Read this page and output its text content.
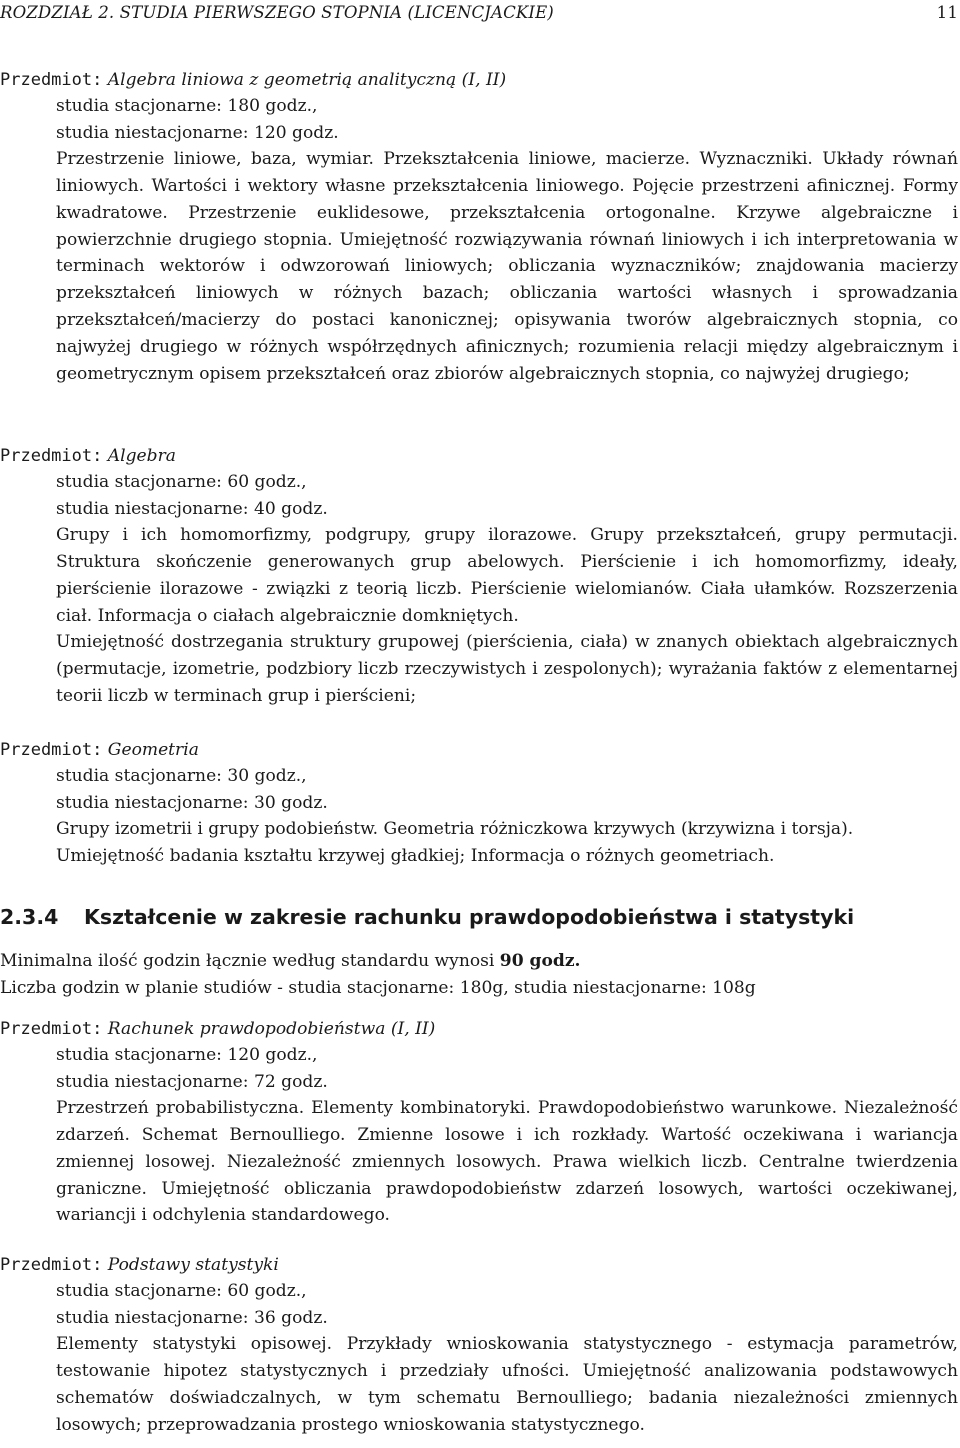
ROZDZIAŁ 2. STUDIA PIERWSZEGO STOPNIA (LICENCJACKIE)	11
Przedmiot: Algebra liniowa z geometrią analityczną (I, II)
studia stacjonarne: 180 godz.,
studia niestacjonarne: 120 godz.
Przestrzenie liniowe, baza, wymiar. Przekształcenia liniowe, macierze. Wyznaczniki. Układy równań liniowych. Wartości i wektory własne przekształcenia liniowego. Pojęcie przestrzeni afinicznej. Formy kwadratowe. Przestrzenie euklidesowe, przekształcenia ortogonalne. Krzywe algebraiczne i powierzchnie drugiego stopnia. Umiejętność rozwiązywania równań liniowych i ich interpretowania w terminach wektorów i odwzorowań liniowych; obliczania wyznaczników; znajdowania macierzy przekształceń liniowych w różnych bazach; obliczania wartości własnych i sprowadzania przekształceń/macierzy do postaci kanonicznej; opisywania tworów algebraicznych stopnia, co najwyżej drugiego w różnych współrzędnych afinicznych; rozumienia relacji między algebraicznym i geometrycznym opisem przekształceń oraz zbiorów algebraicznych stopnia, co najwyżej drugiego;
Przedmiot: Algebra
studia stacjonarne: 60 godz.,
studia niestacjonarne: 40 godz.
Grupy i ich homomorfizmy, podgrupy, grupy ilorazowe. Grupy przekształceń, grupy permutacji. Struktura skończenie generowanych grup abelowych. Pierścienie i ich homomorfizmy, ideały, pierścienie ilorazowe - związki z teorią liczb. Pierścienie wielomianów. Ciała ułamków. Rozszerzenia ciał. Informacja o ciałach algebraicznie domkniętych.
Umiejętność dostrzegania struktury grupowej (pierścienia, ciała) w znanych obiektach algebraicznych (permutacje, izometrie, podzbiory liczb rzeczywistych i zespolonych); wyrażania faktów z elementarnej teorii liczb w terminach grup i pierścieni;
Przedmiot: Geometria
studia stacjonarne: 30 godz.,
studia niestacjonarne: 30 godz.
Grupy izometrii i grupy podobieństw. Geometria różniczkowa krzywych (krzywizna i torsja).
Umiejętność badania kształtu krzywej gładkiej; Informacja o różnych geometriach.
2.3.4 Kształcenie w zakresie rachunku prawdopodobieństwa i statystyki
Minimalna ilość godzin łącznie według standardu wynosi 90 godz.
Liczba godzin w planie studiów - studia stacjonarne: 180g, studia niestacjonarne: 108g
Przedmiot: Rachunek prawdopodobieństwa (I, II)
studia stacjonarne: 120 godz.,
studia niestacjonarne: 72 godz.
Przestrzeń probabilistyczna. Elementy kombinatoryki. Prawdopodobieństwo warunkowe. Niezależność zdarzeń. Schemat Bernoulliego. Zmienne losowe i ich rozkłady. Wartość oczekiwana i wariancja zmiennej losowej. Niezależność zmiennych losowych. Prawa wielkich liczb. Centralne twierdzenia graniczne. Umiejętność obliczania prawdopodobieństw zdarzeń losowych, wartości oczekiwanej, wariancji i odchylenia standardowego.
Przedmiot: Podstawy statystyki
studia stacjonarne: 60 godz.,
studia niestacjonarne: 36 godz.
Elementy statystyki opisowej. Przykłady wnioskowania statystycznego - estymacja parametrów, testowanie hipotez statystycznych i przedziały ufności. Umiejętność analizowania podstawowych schematów doświadczalnych, w tym schematu Bernoulliego; badania niezależności zmiennych losowych; przeprowadzania prostego wnioskowania statystycznego.
